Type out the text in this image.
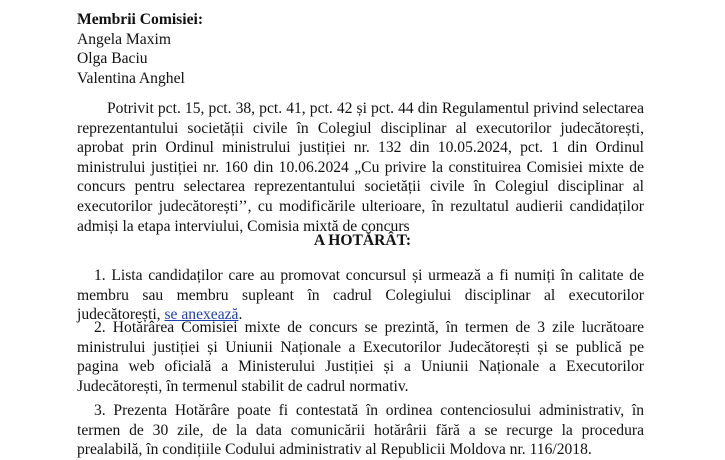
Membrii Comisiei:
Angela Maxim
Olga Baciu
Valentina Anghel
Potrivit pct. 15, pct. 38, pct. 41, pct. 42 și pct. 44 din Regulamentul privind selectarea reprezentantului societății civile în Colegiul disciplinar al executorilor judecătorești, aprobat prin Ordinul ministrului justiției nr. 132 din 10.05.2024, pct. 1 din Ordinul ministrului justiției nr. 160 din 10.06.2024 „Cu privire la constituirea Comisiei mixte de concurs pentru selectarea reprezentantului societății civile în Colegiul disciplinar al executorilor judecătorești’’, cu modificările ulterioare, în rezultatul audierii candidaților admiși la etapa interviului, Comisia mixtă de concurs
A HOTĂRÂT:
1. Lista candidaților care au promovat concursul și urmează a fi numiți în calitate de membru sau membru supleant în cadrul Colegiului disciplinar al executorilor judecătorești, se anexează.
2. Hotărârea Comisiei mixte de concurs se prezintă, în termen de 3 zile lucrătoare ministrului justiției și Uniunii Naționale a Executorilor Judecătorești și se publică pe pagina web oficială a Ministerului Justiției și a Uniunii Naționale a Executorilor Judecătorești, în termenul stabilit de cadrul normativ.
3. Prezenta Hotărâre poate fi contestată în ordinea contenciosului administrativ, în termen de 30 zile, de la data comunicării hotărârii fără a se recurge la procedura prealabilă, în condițiile Codului administrativ al Republicii Moldova nr. 116/2018.
